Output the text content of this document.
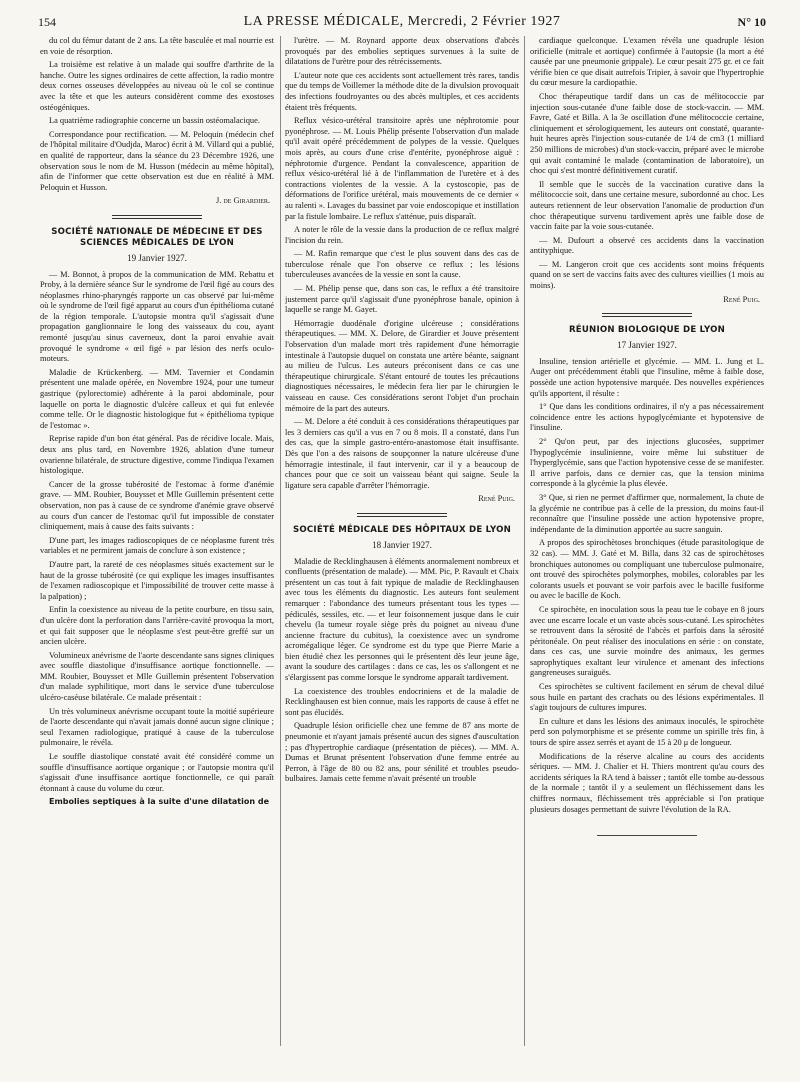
154	LA PRESSE MÉDICALE, Mercredi, 2 Février 1927	N° 10

du col du fémur datant de 2 ans. La tête basculée et mal nourrie est en voie de résorption.

La troisième est relative à un malade qui souffre d'arthrite de la hanche. Outre les signes ordinaires de cette affection, la radio montre deux cornes osseuses développées au niveau où le col se continue avec la tête et que les auteurs considèrent comme des exostoses ostéogéniques.

La quatrième radiographie concerne un bassin ostéomalacique.

Correspondance pour rectification. — M. Peloquin (médecin chef de l'hôpital militaire d'Oudjda, Maroc) écrit à M. Villard qui a publié, en qualité de rapporteur, dans la séance du 23 Décembre 1926, une observation sous le nom de M. Husson (médecin au même hôpital), afin de l'informer que cette observation est due en réalité à MM. Peloquin et Husson.

J. de Girardier.
SOCIÉTÉ NATIONALE DE MÉDECINE ET DES SCIENCES MÉDICALES DE LYON
19 Janvier 1927.

— M. Bonnot, à propos de la communication de MM. Rebattu et Proby, à la dernière séance Sur le syndrome de l'œil figé au cours des néoplasmes rhino-pharyngés rapporte un cas observé par lui-même où le syndrome de l'œil figé apparut au cours d'un épithélioma cutané de la région temporale. L'autopsie montra qu'il s'agissait d'une propagation ganglionnaire le long des vaisseaux du cou, ayant remonté jusqu'au sinus caverneux, dont la paroi envahie avait provoqué le syndrome « œil figé » par lésion des nerfs oculo-moteurs.

Maladie de Krückenberg. — MM. Tavernier et Condamin présentent une malade opérée, en Novembre 1924, pour une tumeur gastrique (pylorectomie) adhérente à la paroi abdominale, pour laquelle on porta le diagnostic d'ulcère calleux et qui fut enlevée comme telle. Or le diagnostic histologique fut « épithélioma typique de l'estomac ».

Reprise rapide d'un bon état général. Pas de récidive locale. Mais, deux ans plus tard, en Novembre 1926, ablation d'une tumeur ovarienne bilatérale, de structure digestive, comme l'indiqua l'examen histologique.

Cancer de la grosse tubérosité de l'estomac à forme d'anémie grave. — MM. Roubier, Bouysset et Mlle Guillemin présentent cette observation, non pas à cause de ce syndrome d'anémie grave observé au cours d'un cancer de l'estomac qu'il fut impossible de constater cliniquement, mais à cause des faits suivants :

D'une part, les images radioscopiques de ce néoplasme furent très variables et ne permirent jamais de conclure à son existence ;

D'autre part, la rareté de ces néoplasmes situés exactement sur le haut de la grosse tubérosité (ce qui explique les images insuffisantes de l'examen radioscopique et l'impossibilité de trouver cette masse à la palpation) ;

Enfin la coexistence au niveau de la petite courbure, en tissu sain, d'un ulcère dont la perforation dans l'arrière-cavité provoqua la mort, et qui fait supposer que le néoplasme s'est peut-être greffé sur un ancien ulcère.

Volumineux anévrisme de l'aorte descendante sans signes cliniques avec souffle diastolique d'insuffisance aortique fonctionnelle. — MM. Roubier, Bouysset et Mlle Guillemin présentent l'observation d'un malade syphilitique, mort dans le service d'une tuberculose ulcéro-caséuse bilatérale. Ce malade présentait :

Un très volumineux anévrisme occupant toute la moitié supérieure de l'aorte descendante qui n'avait jamais donné aucun signe clinique ; seul l'examen radiologique, pratiqué à cause de la tuberculose pulmonaire, le révéla.

Le souffle diastolique constaté avait été considéré comme un souffle d'insuffisance aortique organique ; or l'autopsie montra qu'il s'agissait d'une insuffisance aortique fonctionnelle, ce qui paraît étonnant à cause du volume du cœur.

Embolies septiques à la suite d'une dilatation de

l'urètre. — M. Roynard apporte deux observations d'abcès provoqués par des embolies septiques survenues à la suite de dilatations de l'urètre pour des rétrécissements.

L'auteur note que ces accidents sont actuellement très rares, tandis que du temps de Voillemer la méthode dite de la divulsion provoquait des infections foudroyantes ou des abcès multiples, et ces accidents étaient très fréquents.

Reflux vésico-urétéral transitoire après une néphrotomie pour pyonéphrose. — M. Louis Phélip présente l'observation d'un malade qu'il avait opéré précédemment de polypes de la vessie. Quelques mois après, au cours d'une crise d'entérite, pyonéphrose aiguë : néphrotomie d'urgence. Pendant la convalescence, apparition de reflux vésico-urétéral lié à de l'inflammation de l'uretère et à des contractions violentes de la vessie. A la cystoscopie, pas de déformations de l'orifice urétéral, mais mouvements de ce dernier « au ralenti ». Lavages du bassinet par voie endoscopique et instillation par la fistule lombaire. Le reflux s'atténue, puis disparaît.

A noter le rôle de la vessie dans la production de ce reflux malgré l'incision du rein.

— M. Rafin remarque que c'est le plus souvent dans des cas de tuberculose rénale que l'on observe ce reflux ; les lésions tuberculeuses avancées de la vessie en sont la cause.

— M. Phélip pense que, dans son cas, le reflux a été transitoire justement parce qu'il s'agissait d'une pyonéphrose banale, opinion à laquelle se range M. Gayet.

Hémorragie duodénale d'origine ulcéreuse ; considérations thérapeutiques. — MM. X. Delore, de Girardier et Jouve présentent l'observation d'un malade mort très rapidement d'une hémorragie intestinale à l'autopsie duquel on constata une artère béante, saignant au milieu de l'ulcus. Les auteurs préconisent dans ce cas une thérapeutique chirurgicale. S'étant entouré de toutes les précautions diagnostiques nécessaires, le médecin fera lier par le chirurgien le vaisseau en cause. Ces considérations seront l'objet d'un prochain mémoire de la part des auteurs.

— M. Delore a été conduit à ces considérations thérapeutiques par les 3 derniers cas qu'il a vus en 7 ou 8 mois. Il a constaté, dans l'un des cas, que la simple gastro-entéro-anastomose était insuffisante. Dès que l'on a des raisons de soupçonner la nature ulcéreuse d'une hémorragie intestinale, il faut intervenir, car il y a beaucoup de chances pour que ce soit un vaisseau béant qui saigne. Seule la ligature sera capable d'arrêter l'hémorragie.

René Puig.
SOCIÉTÉ MÉDICALE DES HÔPITAUX DE LYON
18 Janvier 1927.

Maladie de Recklinghausen à éléments anormalement nombreux et confluents (présentation de malade). — MM. Pic, P. Ravault et Chaix présentent un cas tout à fait typique de maladie de Recklinghausen avec tous les éléments du diagnostic. Les auteurs font seulement remarquer : l'abondance des tumeurs présentant tous les types — pédiculés, sessiles, etc. — et leur foisonnement jusque dans le cuir chevelu (la tumeur royale siège près du poignet au niveau d'une ancienne fracture du cubitus), la coexistence avec un syndrome acromégalique léger. Ce syndrome est du type que Pierre Marie a bien étudié chez les personnes qui le présentent dès leur jeune âge, avant la soudure des cartilages : dans ce cas, les os s'allongent et ne s'élargissent pas comme lorsque le syndrome apparaît tardivement.

La coexistence des troubles endocriniens et de la maladie de Recklinghausen est bien connue, mais les rapports de cause à effet ne sont pas élucidés.

Quadruple lésion orificielle chez une femme de 87 ans morte de pneumonie et n'ayant jamais présenté aucun des signes d'auscultation ; pas d'hypertrophie cardiaque (présentation de pièces). — MM. A. Dumas et Brunat présentent l'observation d'une femme entrée au Perron, à l'âge de 80 ou 82 ans, pour sénilité et troubles pseudo-bulbaires. Jamais cette femme n'avait présenté un trouble

cardiaque quelconque. L'examen révéla une quadruple lésion orificielle (mitrale et aortique) confirmée à l'autopsie (la mort a été causée par une pneumonie grippale). Le cœur pesait 275 gr. et ce fait vérifie bien ce que disait autrefois Tripier, à savoir que l'hypertrophie du cœur mesure la cardiopathie.

Choc thérapeutique tardif dans un cas de mélitococcie par injection sous-cutanée d'une faible dose de stock-vaccin. — MM. Favre, Gaté et Billa. A la 3e oscillation d'une mélitococcie certaine, cliniquement et sérologiquement, les auteurs ont constaté, quarante-huit heures après l'injection sous-cutanée de 1/4 de cm3 (1 milliard 250 millions de microbes) d'un stock-vaccin, préparé avec le microbe qui avait contaminé le malade (contamination de laboratoire), un choc qui s'est montré définitivement curatif.

Il semble que le succès de la vaccination curative dans la mélitococcie soit, dans une certaine mesure, subordonné au choc. Les auteurs retiennent de leur observation l'anomalie de production d'un choc thérapeutique survenu tardivement après une faible dose de vaccin faite par la voie sous-cutanée.

— M. Dufourt a observé ces accidents dans la vaccination antityphique.

— M. Langeron croit que ces accidents sont moins fréquents quand on se sert de vaccins faits avec des cultures vieillies (1 mois au moins).

René Puig.
RÉUNION BIOLOGIQUE DE LYON
17 Janvier 1927.

Insuline, tension artérielle et glycémie. — MM. L. Jung et L. Auger ont précédemment établi que l'insuline, même à faible dose, possède une action hypotensive marquée. Des nouvelles expériences qu'ils apportent, il résulte :

1° Que dans les conditions ordinaires, il n'y a pas nécessairement coïncidence entre les actions hypoglycémiante et hypotensive de l'insuline.

2° Qu'on peut, par des injections glucosées, supprimer l'hypoglycémie insulinienne, voire même lui substituer de l'hyperglycémie, sans que l'action hypotensive cesse de se manifester. Il arrive parfois, dans ce dernier cas, que la tension minima corresponde à la glycémie la plus élevée.

3° Que, si rien ne permet d'affirmer que, normalement, la chute de la glycémie ne contribue pas à celle de la pression, du moins faut-il reconnaître que l'insuline possède une action hypotensive propre, indépendante de la diminution apportée au sucre sanguin.

A propos des spirochètoses bronchiques (étude parasitologique de 32 cas). — MM. J. Gaté et M. Billa, dans 32 cas de spirochètoses bronchiques autonomes ou compliquant une tuberculose pulmonaire, ont trouvé des spirochètes polymorphes, mobiles, colorables par les colorants usuels et pouvant se voir parfois avec le bacille fusiforme ou avec le bacille de Koch.

Ce spirochète, en inoculation sous la peau tue le cobaye en 8 jours avec une escarre locale et un vaste abcès sous-cutané. Les spirochètes se retrouvent dans la sérosité de l'abcès et parfois dans la sérosité péritonéale. On peut réaliser des inoculations en série : on constate, dans ces cas, une survie moindre des animaux, les germes saprophytiques exaltant leur virulence et amenant des infections gangreneuses suraiguës.

Ces spirochètes se cultivent facilement en sérum de cheval dilué sous huile en partant des crachats ou des lésions expérimentales. Il s'agit toujours de cultures impures.

En culture et dans les lésions des animaux inoculés, le spirochète perd son polymorphisme et se présente comme un spirille très fin, à tours de spire assez serrés et ayant de 15 à 20 μ de longueur.

Modifications de la réserve alcaline au cours des accidents sériques. — MM. J. Chalier et H. Thiers montrent qu'au cours des accidents sériques la RA tend à baisser ; tantôt elle tombe au-dessous de la normale ; tantôt il y a seulement un fléchissement dans les chiffres normaux, fléchissement très appréciable si l'on pratique plusieurs dosages permettant de suivre l'évolution de la RA.
